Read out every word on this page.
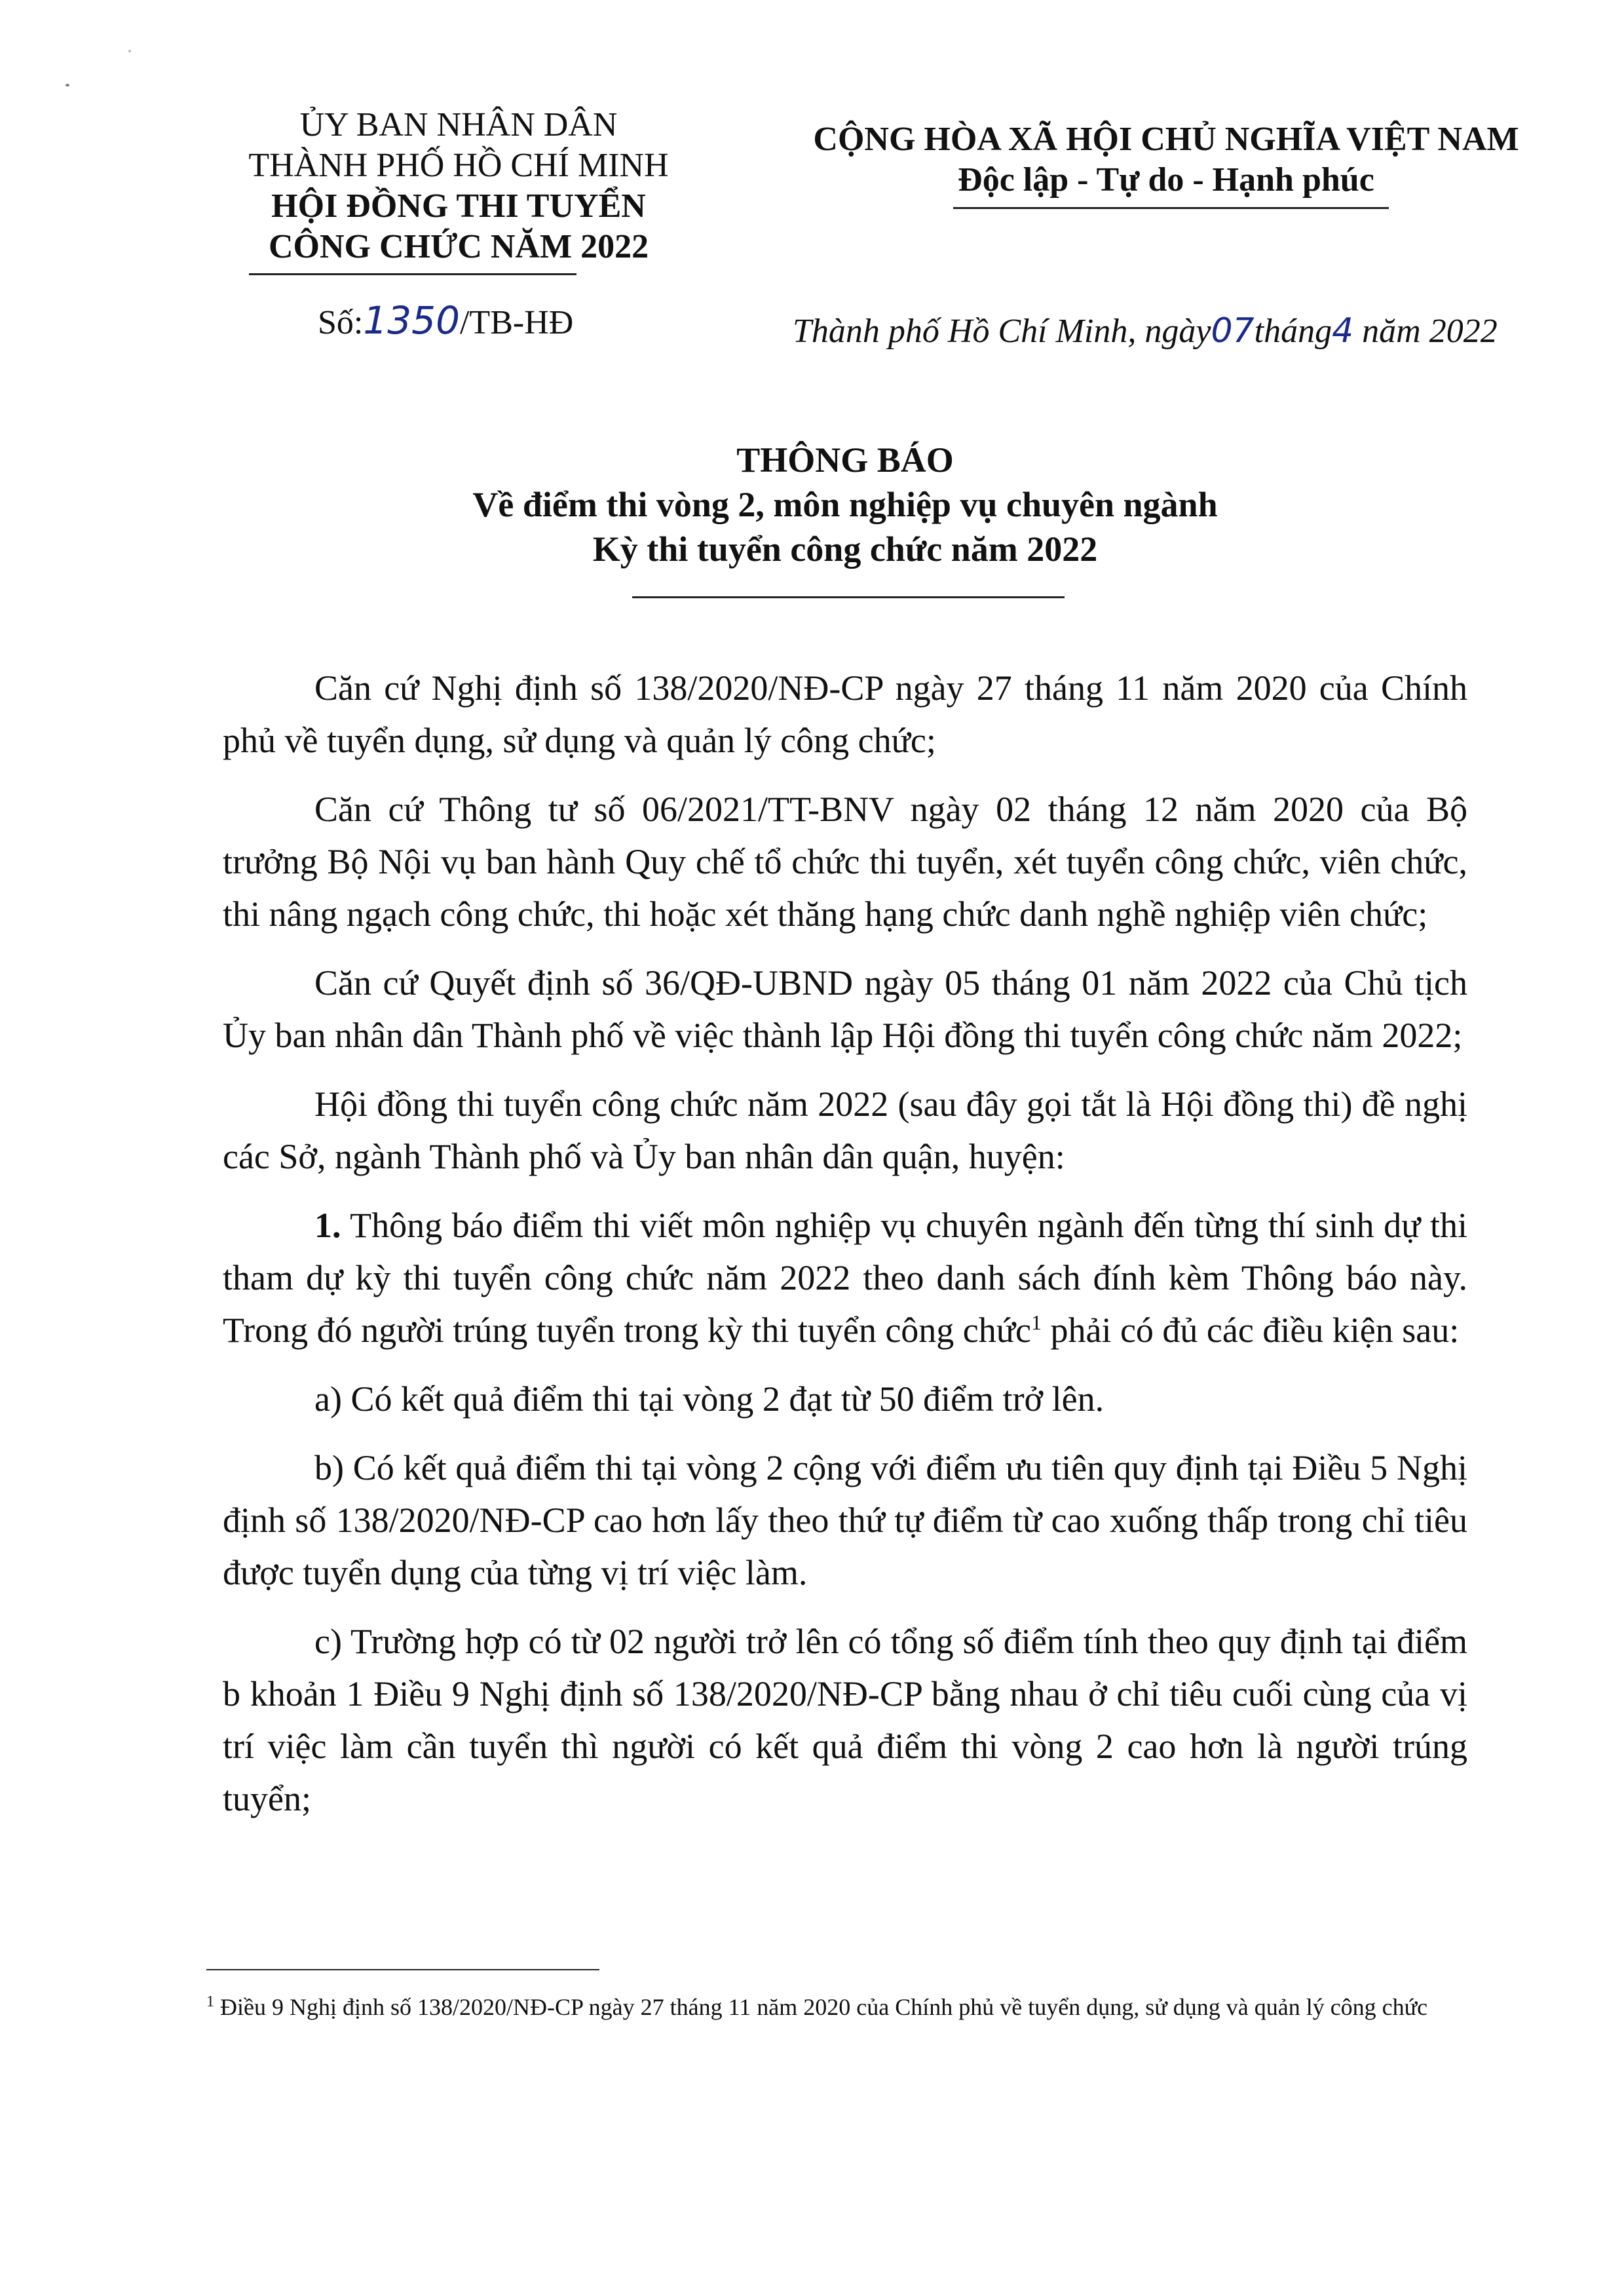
ỦY BAN NHÂN DÂN
THÀNH PHỐ HỒ CHÍ MINH
HỘI ĐỒNG THI TUYỂN
CÔNG CHỨC NĂM 2022
Số:1350/TB-HĐ
CỘNG HÒA XÃ HỘI CHỦ NGHĨA VIỆT NAM
Độc lập - Tự do - Hạnh phúc
Thành phố Hồ Chí Minh, ngày07tháng4 năm 2022
THÔNG BÁO
Về điểm thi vòng 2, môn nghiệp vụ chuyên ngành
Kỳ thi tuyển công chức năm 2022

Căn cứ Nghị định số 138/2020/NĐ-CP ngày 27 tháng 11 năm 2020 của Chính phủ về tuyển dụng, sử dụng và quản lý công chức;

Căn cứ Thông tư số 06/2021/TT-BNV ngày 02 tháng 12 năm 2020 của Bộ trưởng Bộ Nội vụ ban hành Quy chế tổ chức thi tuyển, xét tuyển công chức, viên chức, thi nâng ngạch công chức, thi hoặc xét thăng hạng chức danh nghề nghiệp viên chức;

Căn cứ Quyết định số 36/QĐ-UBND ngày 05 tháng 01 năm 2022 của Chủ tịch Ủy ban nhân dân Thành phố về việc thành lập Hội đồng thi tuyển công chức năm 2022;

Hội đồng thi tuyển công chức năm 2022 (sau đây gọi tắt là Hội đồng thi) đề nghị các Sở, ngành Thành phố và Ủy ban nhân dân quận, huyện:

1. Thông báo điểm thi viết môn nghiệp vụ chuyên ngành đến từng thí sinh dự thi tham dự kỳ thi tuyển công chức năm 2022 theo danh sách đính kèm Thông báo này. Trong đó người trúng tuyển trong kỳ thi tuyển công chức$^1$ phải có đủ các điều kiện sau:

a) Có kết quả điểm thi tại vòng 2 đạt từ 50 điểm trở lên.

b) Có kết quả điểm thi tại vòng 2 cộng với điểm ưu tiên quy định tại Điều 5 Nghị định số 138/2020/NĐ-CP cao hơn lấy theo thứ tự điểm từ cao xuống thấp trong chỉ tiêu được tuyển dụng của từng vị trí việc làm.

c) Trường hợp có từ 02 người trở lên có tổng số điểm tính theo quy định tại điểm b khoản 1 Điều 9 Nghị định số 138/2020/NĐ-CP bằng nhau ở chỉ tiêu cuối cùng của vị trí việc làm cần tuyển thì người có kết quả điểm thi vòng 2 cao hơn là người trúng tuyển;

$^1$ Điều 9 Nghị định số 138/2020/NĐ-CP ngày 27 tháng 11 năm 2020 của Chính phủ về tuyển dụng, sử dụng và quản lý công chức
